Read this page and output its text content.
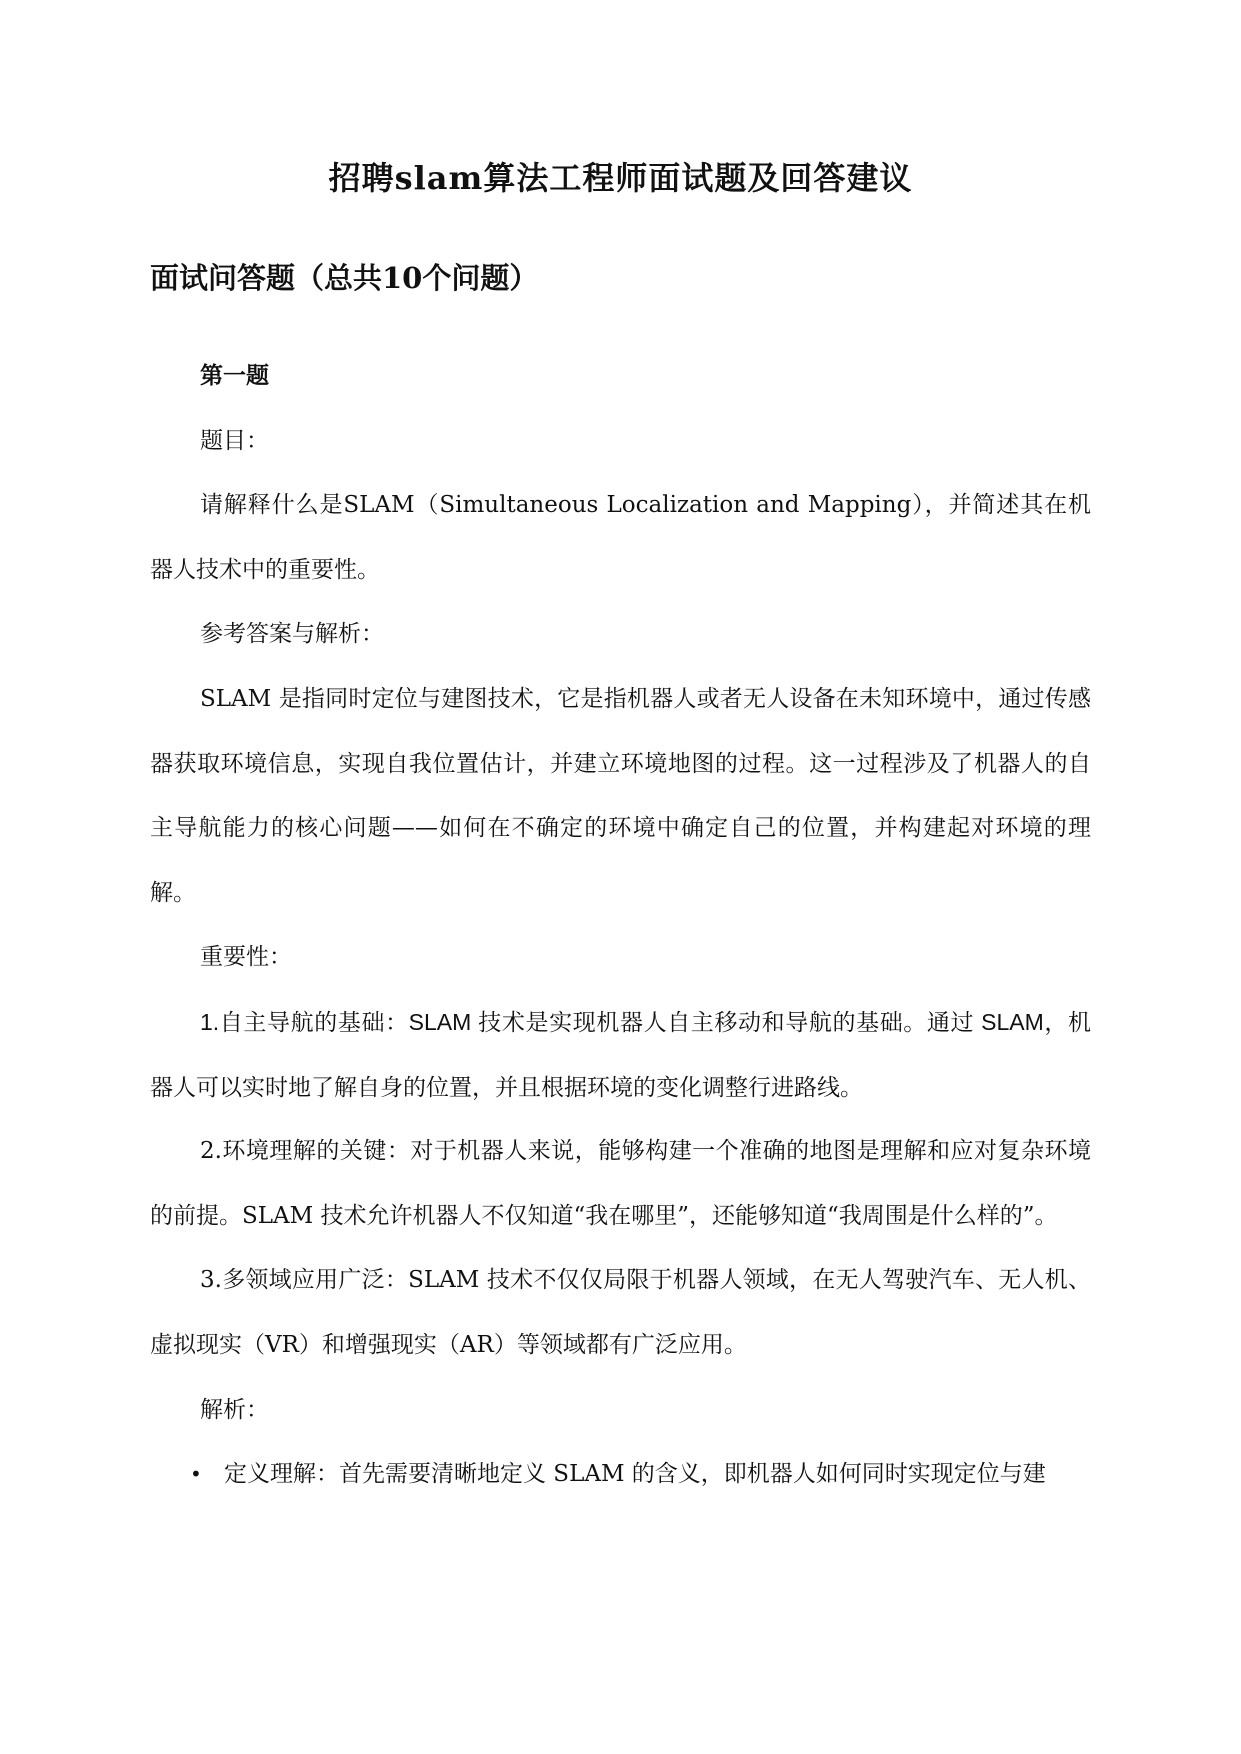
招聘slam算法工程师面试题及回答建议
面试问答题（总共10个问题）

第一题

题目：

请解释什么是SLAM（Simultaneous Localization and Mapping），并简述其在机器人技术中的重要性。

参考答案与解析：

SLAM 是指同时定位与建图技术，它是指机器人或者无人设备在未知环境中，通过传感器获取环境信息，实现自我位置估计，并建立环境地图的过程。这一过程涉及了机器人的自主导航能力的核心问题——如何在不确定的环境中确定自己的位置，并构建起对环境的理解。

重要性：

1.自主导航的基础：SLAM 技术是实现机器人自主移动和导航的基础。通过 SLAM，机器人可以实时地了解自身的位置，并且根据环境的变化调整行进路线。

2.环境理解的关键：对于机器人来说，能够构建一个准确的地图是理解和应对复杂环境的前提。SLAM 技术允许机器人不仅知道“我在哪里”，还能够知道“我周围是什么样的”。

3.多领域应用广泛：SLAM 技术不仅仅局限于机器人领域，在无人驾驶汽车、无人机、虚拟现实（VR）和增强现实（AR）等领域都有广泛应用。

解析：

• 定义理解：首先需要清晰地定义 SLAM 的含义，即机器人如何同时实现定位与建
